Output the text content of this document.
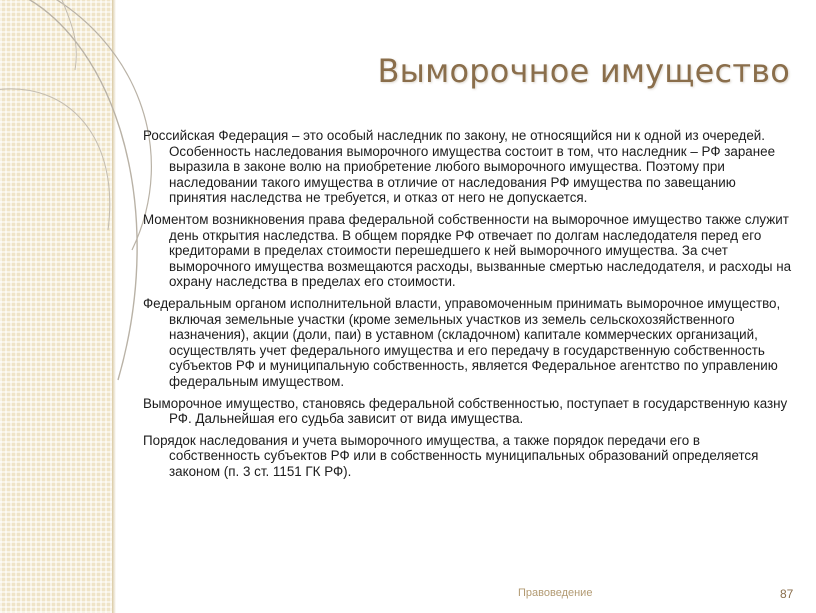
Выморочное имущество

Российская Федерация – это особый наследник по закону, не относящийся ни к одной из очередей. Особенность наследования выморочного имущества состоит в том, что наследник – РФ заранее выразила в законе волю на приобретение любого выморочного имущества. Поэтому при наследовании такого имущества в отличие от наследования РФ имущества по завещанию принятия наследства не требуется, и отказ от него не допускается.

Моментом возникновения права федеральной собственности на выморочное имущество также служит день открытия наследства. В общем порядке РФ отвечает по долгам наследодателя перед его кредиторами в пределах стоимости перешедшего к ней выморочного имущества. За счет выморочного имущества возмещаются расходы, вызванные смертью наследодателя, и расходы на охрану наследства в пределах его стоимости.

Федеральным органом исполнительной власти, управомоченным принимать выморочное имущество, включая земельные участки (кроме земельных участков из земель сельскохозяйственного назначения), акции (доли, паи) в уставном (складочном) капитале коммерческих организаций, осуществлять учет федерального имущества и его передачу в государственную собственность субъектов РФ и муниципальную собственность, является Федеральное агентство по управлению федеральным имуществом.

Выморочное имущество, становясь федеральной собственностью, поступает в государственную казну РФ. Дальнейшая его судьба зависит от вида имущества.

Порядок наследования и учета выморочного имущества, а также порядок передачи его в собственность субъектов РФ или в собственность муниципальных образований определяется законом (п. 3 ст. 1151 ГК РФ).

Правоведение	87
